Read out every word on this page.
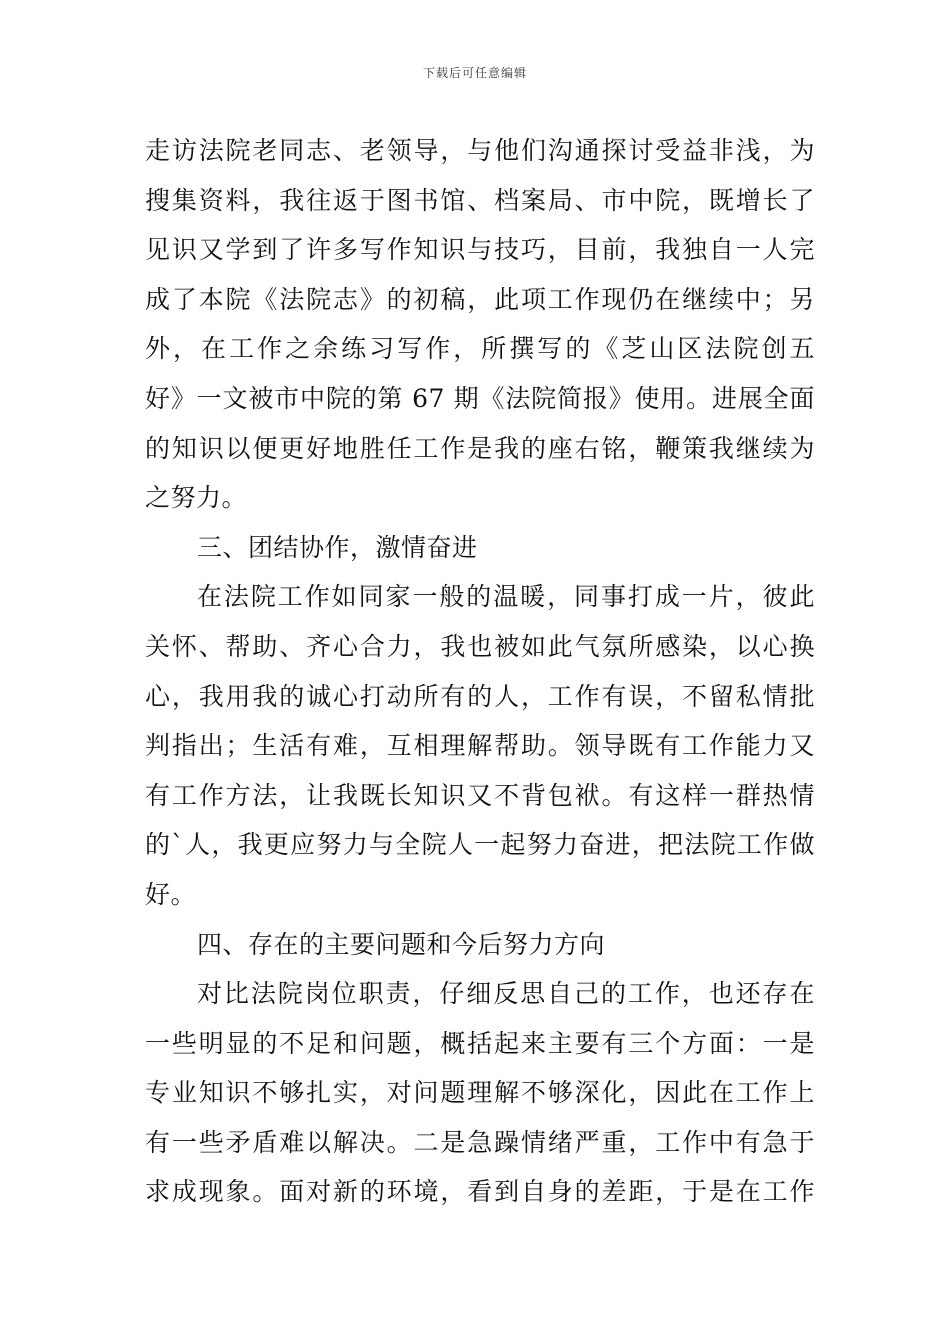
下载后可任意编辑
走访法院老同志、老领导，与他们沟通探讨受益非浅，为
搜集资料，我往返于图书馆、档案局、市中院，既增长了
见识又学到了许多写作知识与技巧，目前，我独自一人完
成了本院《法院志》的初稿，此项工作现仍在继续中；另
外，在工作之余练习写作，所撰写的《芝山区法院创五
好》一文被市中院的第 67 期《法院简报》使用。进展全面
的知识以便更好地胜任工作是我的座右铭，鞭策我继续为
之努力。
三、团结协作，激情奋进
在法院工作如同家一般的温暖，同事打成一片，彼此
关怀、帮助、齐心合力，我也被如此气氛所感染，以心换
心，我用我的诚心打动所有的人，工作有误，不留私情批
判指出；生活有难，互相理解帮助。领导既有工作能力又
有工作方法，让我既长知识又不背包袱。有这样一群热情
的`人，我更应努力与全院人一起努力奋进，把法院工作做
好。
四、存在的主要问题和今后努力方向
对比法院岗位职责，仔细反思自己的工作，也还存在
一些明显的不足和问题，概括起来主要有三个方面：一是
专业知识不够扎实，对问题理解不够深化，因此在工作上
有一些矛盾难以解决。二是急躁情绪严重，工作中有急于
求成现象。面对新的环境，看到自身的差距，于是在工作
